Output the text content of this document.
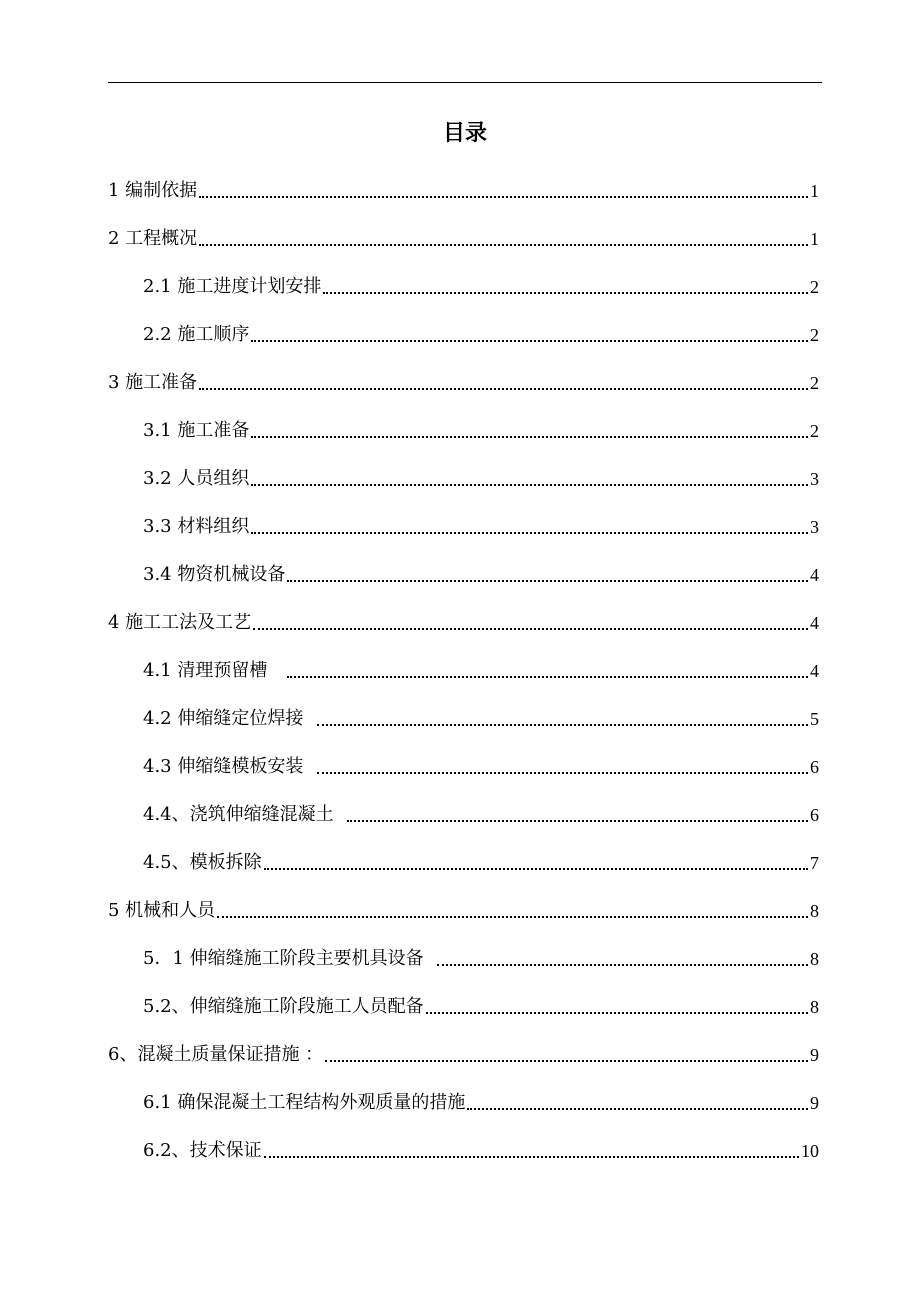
目录
1 编制依据	1
2 工程概况	1
2.1 施工进度计划安排	2
2.2 施工顺序	2
3 施工准备	2
3.1 施工准备	2
3.2 人员组织	3
3.3 材料组织	3
3.4 物资机械设备	4
4 施工工法及工艺	4
4.1 清理预留槽	4
4.2 伸缩缝定位焊接	5
4.3 伸缩缝模板安装	6
4.4、浇筑伸缩缝混凝土	6
4.5、模板拆除	7
5 机械和人员	8
5．1 伸缩缝施工阶段主要机具设备	8
5.2、伸缩缝施工阶段施工人员配备	8
6、混凝土质量保证措施 ：	9
6.1 确保混凝土工程结构外观质量的措施	9
6.2、技术保证	10
